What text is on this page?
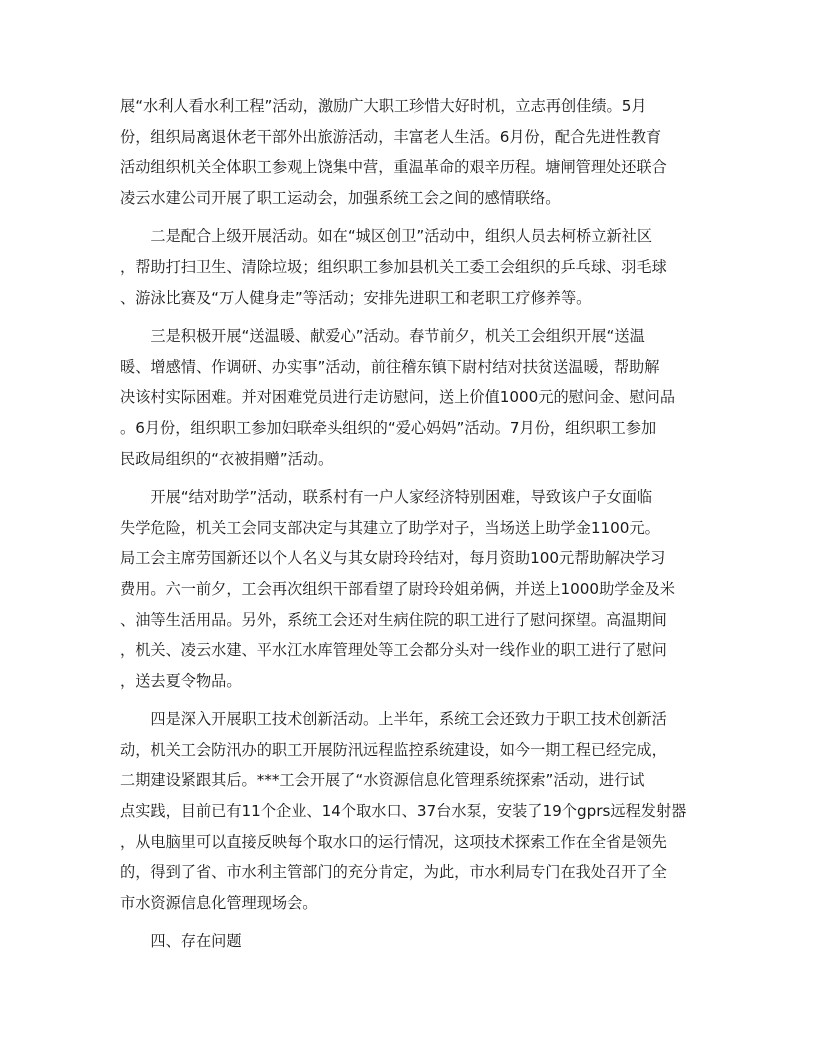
展“水利人看水利工程”活动，激励广大职工珍惜大好时机，立志再创佳绩。5月
份，组织局离退休老干部外出旅游活动，丰富老人生活。6月份，配合先进性教育
活动组织机关全体职工参观上饶集中营，重温革命的艰辛历程。塘闸管理处还联合
凌云水建公司开展了职工运动会，加强系统工会之间的感情联络。
　　二是配合上级开展活动。如在“城区创卫”活动中，组织人员去柯桥立新社区
，帮助打扫卫生、清除垃圾；组织职工参加县机关工委工会组织的乒乓球、羽毛球
、游泳比赛及“万人健身走”等活动；安排先进职工和老职工疗修养等。
　　三是积极开展“送温暖、献爱心”活动。春节前夕，机关工会组织开展“送温
暖、增感情、作调研、办实事”活动，前往稽东镇下尉村结对扶贫送温暖，帮助解
决该村实际困难。并对困难党员进行走访慰问，送上价值1000元的慰问金、慰问品
。6月份，组织职工参加妇联牵头组织的“爱心妈妈”活动。7月份，组织职工参加
民政局组织的“衣被捐赠”活动。
　　开展“结对助学”活动，联系村有一户人家经济特别困难，导致该户子女面临
失学危险，机关工会同支部决定与其建立了助学对子，当场送上助学金1100元。
局工会主席劳国新还以个人名义与其女尉玲玲结对，每月资助100元帮助解决学习
费用。六一前夕，工会再次组织干部看望了尉玲玲姐弟俩，并送上1000助学金及米
、油等生活用品。另外，系统工会还对生病住院的职工进行了慰问探望。高温期间
，机关、凌云水建、平水江水库管理处等工会都分头对一线作业的职工进行了慰问
，送去夏令物品。
　　四是深入开展职工技术创新活动。上半年，系统工会还致力于职工技术创新活
动，机关工会防汛办的职工开展防汛远程监控系统建设，如今一期工程已经完成，
二期建设紧跟其后。***工会开展了“水资源信息化管理系统探索”活动，进行试
点实践，目前已有11个企业、14个取水口、37台水泵，安装了19个gprs远程发射器
，从电脑里可以直接反映每个取水口的运行情况，这项技术探索工作在全省是领先
的，得到了省、市水利主管部门的充分肯定，为此，市水利局专门在我处召开了全
市水资源信息化管理现场会。
　　四、存在问题
